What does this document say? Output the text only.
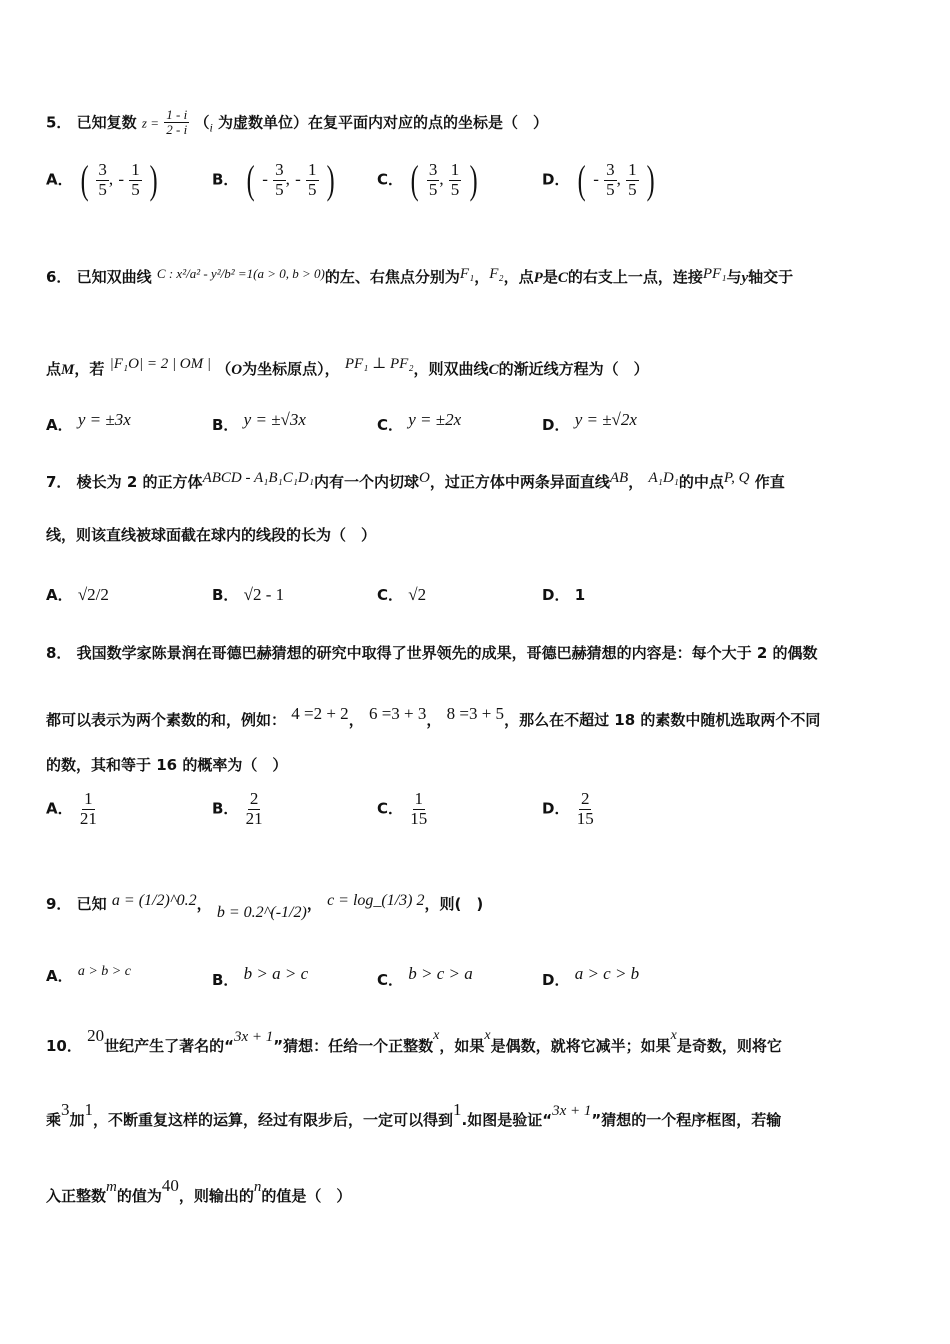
5． 已知复数 $z = \frac{1 - i}{2 - i} (_i$ 为虚数单位）在复平面内对应的点的坐标是（　）
A． ( $\frac{3}{5}$ , - $\frac{1}{5}$ )	B． ( - $\frac{3}{5}$ , - $\frac{1}{5}$ )	C． ( $\frac{3}{5}$ , $\frac{1}{5}$ )	D． ( - $\frac{3}{5}$ , $\frac{1}{5}$ )
6． 已知双曲线 C : x²/a² - y²/b² =1(a > 0, b > 0)的左、右焦点分别为F₁，F₂，点P是C的右支上一点，连接PF₁与y轴交于
点M，若 |F₁O| = 2 | OM | （O为坐标原点）， PF₁ ⊥ PF₂，则双曲线C的渐近线方程为（　）
A． y = ±3x	B． y = ±√3x	C． y = ±2x	D． y = ±√2x
7． 棱长为 2 的正方体ABCD - A₁B₁C₁D₁内有一个内切球O，过正方体中两条异面直线AB， A₁D₁的中点P, Q 作直
线，则该直线被球面截在球内的线段的长为（　）
A． √2/2	B． √2 - 1	C． √2	D． 1
8． 我国数学家陈景润在哥德巴赫猜想的研究中取得了世界领先的成果，哥德巴赫猜想的内容是：每个大于 2 的偶数
都可以表示为两个素数的和，例如： 4 =2 + 2， 6 =3 + 3， 8 =3 + 5，那么在不超过 18 的素数中随机选取两个不同
的数，其和等于 16 的概率为（　）
A． $\frac{1}{21}$	B． $\frac{2}{21}$	C． $\frac{1}{15}$	D． $\frac{2}{15}$
9． 已知 a = (1/2)^0.2， b = 0.2^(-1/2)， c = log_(1/3) 2，则(　)
A． a > b > c	B． b > a > c	C． b > c > a	D． a > c > b
10． 20世纪产生了著名的“3x + 1”猜想：任给一个正整数x，如果x是偶数，就将它减半；如果x是奇数，则将它
乘3加1，不断重复这样的运算，经过有限步后，一定可以得到1.如图是验证“3x + 1”猜想的一个程序框图，若输
入正整数m的值为40，则输出的n的值是（　）
